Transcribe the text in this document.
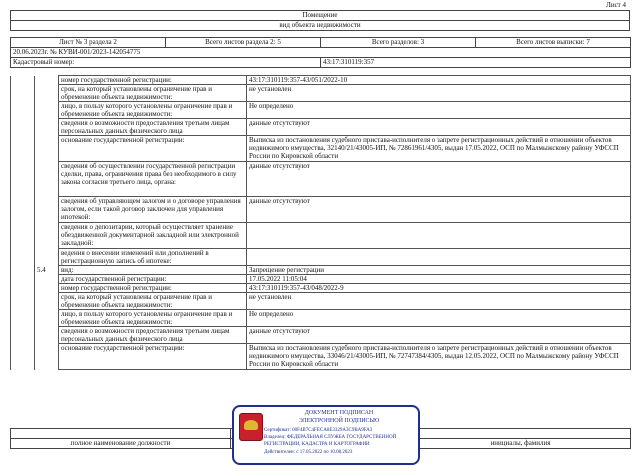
Лист 4
Помещение
вид объекта недвижимости
Лист № 3 раздела 2	Всего листов раздела 2: 5	Всего разделов: 3	Всего листов выписки: 7
20.06.2023г. № КУВИ-001/2023-142054775			
Кадастровый номер:		43:17:310119:357	
		номер государственной регистрации:	43:17:310119:357-43/051/2022-10
		срок, на который установлены ограничение прав и обременение объекта недвижимости:	не установлен
		лицо, в пользу которого установлены ограничение прав и обременение объекта недвижимости:	Не определено
		сведения о возможности предоставления третьим лицам персональных данных физического лица	данные отсутствуют
		основание государственной регистрации:	Выписка из постановления судебного пристава-исполнителя о запрете регистрационных действий в отношении объектов недвижимого имущества, 32140/21/43005-ИП, № 72861961/4305, выдан 17.05.2022, ОСП по Малмыжскому району УФССП России по Кировской области
		сведения об осуществлении государственной регистрации сделки, права, ограничения права без необходимого в силу закона согласия третьего лица, органа:	данные отсутствуют
		сведения об управляющем залогом и о договоре управления залогом, если такой договор заключен для управления ипотекой:	данные отсутствуют
		сведения о депозитарии, который осуществляет хранение обездвиженной документарной закладной или электронной закладной:	
		ведения о внесении изменений или дополнений в регистрационную запись об ипотеке:	
	5.4	вид:	Запрещение регистрации
		дата государственной регистрации:	17.05.2022 11:05:04
		номер государственной регистрации:	43:17:310119:357-43/048/2022-9
		срок, на который установлены ограничение прав и обременение объекта недвижимости:	не установлен
		лицо, в пользу которого установлены ограничение прав и обременение объекта недвижимости:	Не определено
		сведения о возможности предоставления третьим лицам персональных данных физического лица	данные отсутствуют
		основание государственной регистрации:	Выписка из постановления судебного пристава-исполнителя о запрете регистрационных действий в отношении объектов недвижимого имущества, 33046/21/43005-ИП, № 72747384/4305, выдан 12.05.2022, ОСП по Малмыжскому району УФССП России по Кировской области

полное наименование должности		инициалы, фамилия
ДОКУМЕНТ ПОДПИСАН
ЭЛЕКТРОННОЙ ПОДПИСЬЮ
Сертификат: 00F4B7C4FECA8E3329A3C9BA9FA3
Владелец: ФЕДЕРАЛЬНАЯ СЛУЖБА ГОСУДАРСТВЕННОЙ
РЕГИСТРАЦИИ, КАДАСТРА И КАРТОГРАФИИ
Действителен: с 17.05.2022 по 10.08.2023
